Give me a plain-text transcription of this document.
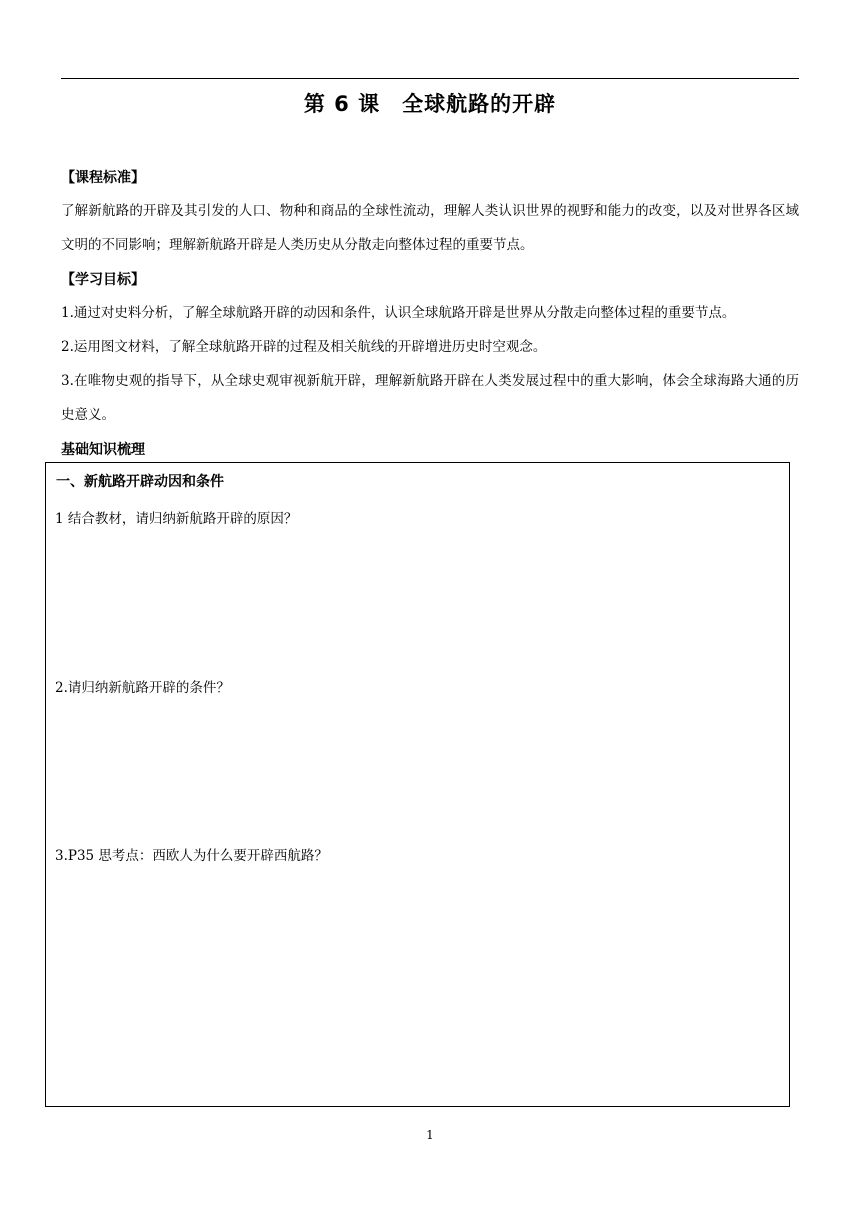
第 6 课　全球航路的开辟
【课程标准】
了解新航路的开辟及其引发的人口、物种和商品的全球性流动，理解人类认识世界的视野和能力的改变，以及对世界各区域文明的不同影响；理解新航路开辟是人类历史从分散走向整体过程的重要节点。
【学习目标】
1.通过对史料分析，了解全球航路开辟的动因和条件，认识全球航路开辟是世界从分散走向整体过程的重要节点。
2.运用图文材料，了解全球航路开辟的过程及相关航线的开辟增进历史时空观念。
3.在唯物史观的指导下，从全球史观审视新航开辟，理解新航路开辟在人类发展过程中的重大影响，体会全球海路大通的历史意义。
基础知识梳理
一、新航路开辟动因和条件
1 结合教材，请归纳新航路开辟的原因？
2.请归纳新航路开辟的条件？
3.P35 思考点：西欧人为什么要开辟西航路？
1
